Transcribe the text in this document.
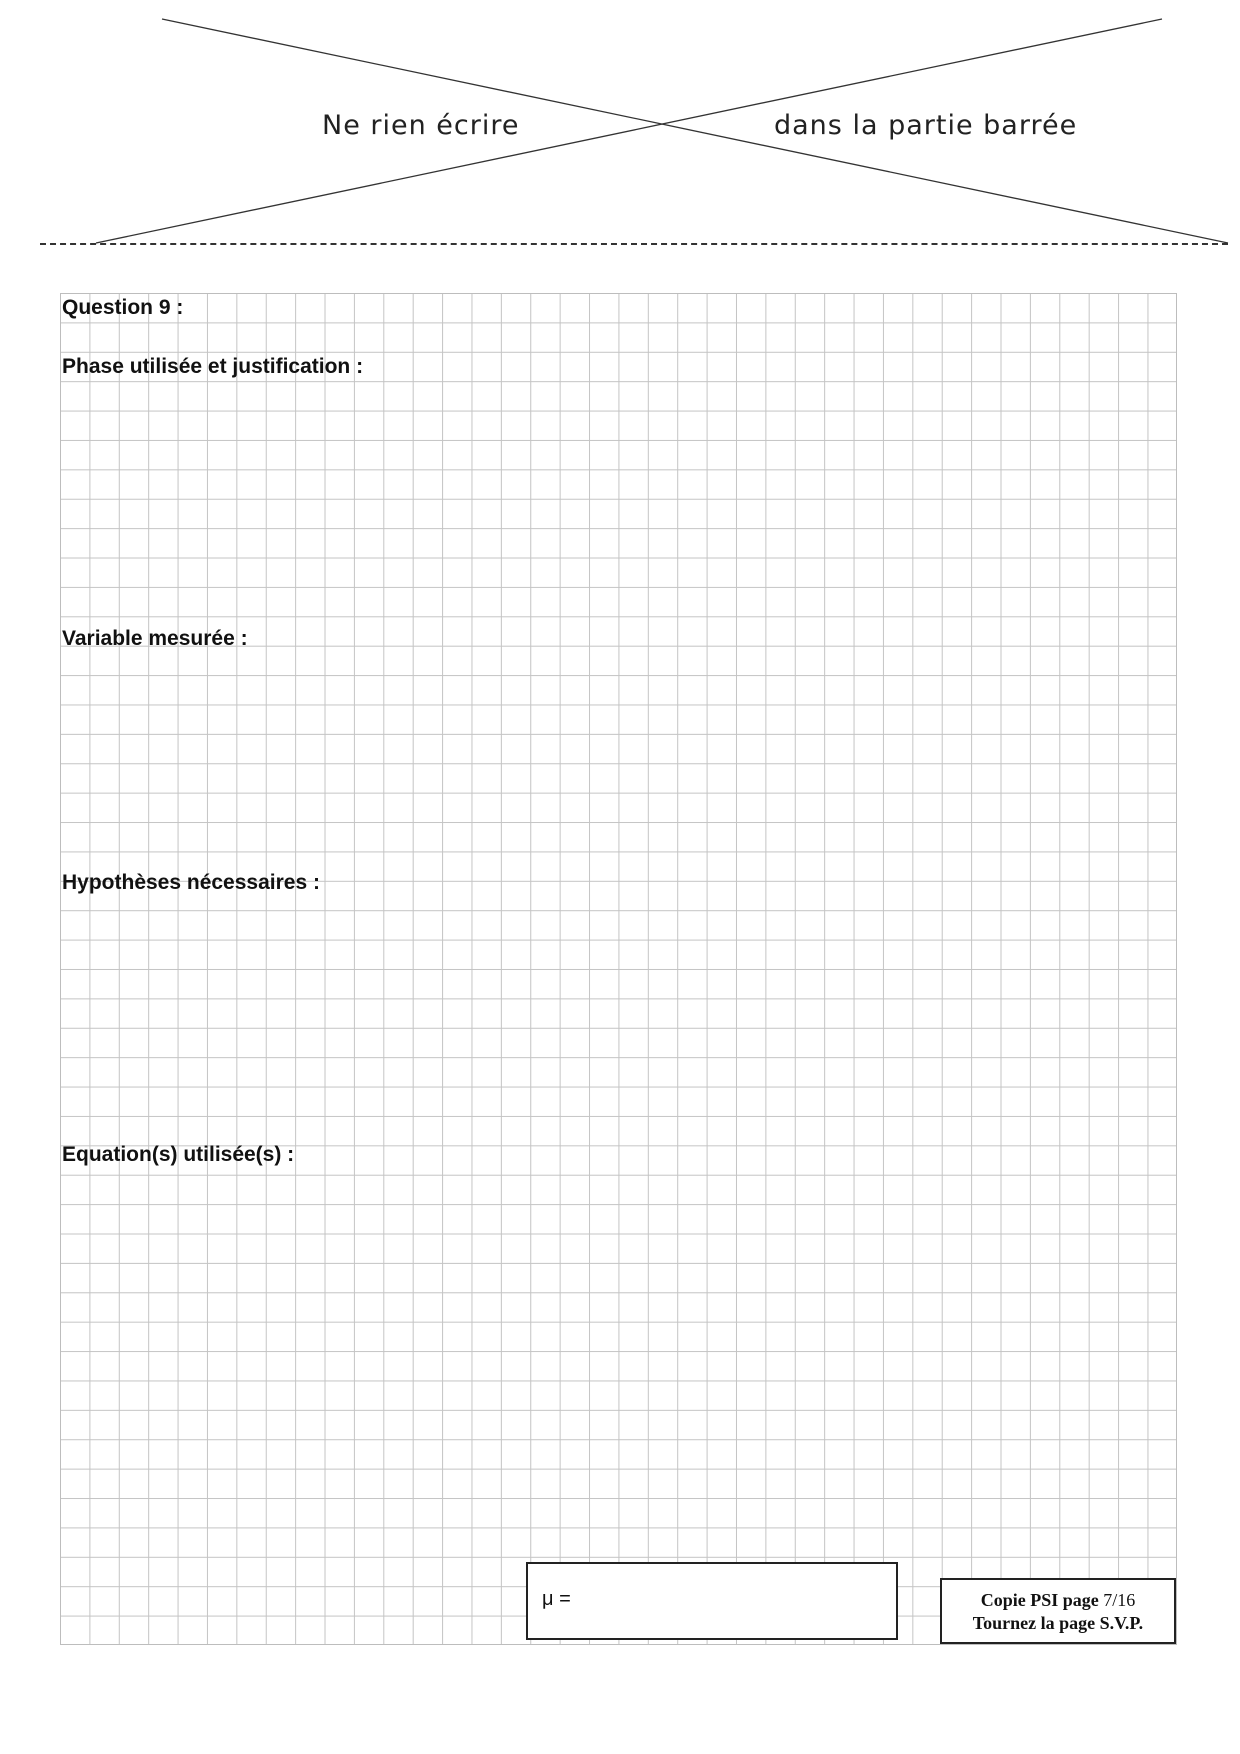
Ne rien écrire	dans la partie barrée
Question 9 :
Phase utilisée et justification :
Variable mesurée :
Hypothèses nécessaires :
Equation(s) utilisée(s) :
μ =	Copie PSI page 7/16
Tournez la page S.V.P.
